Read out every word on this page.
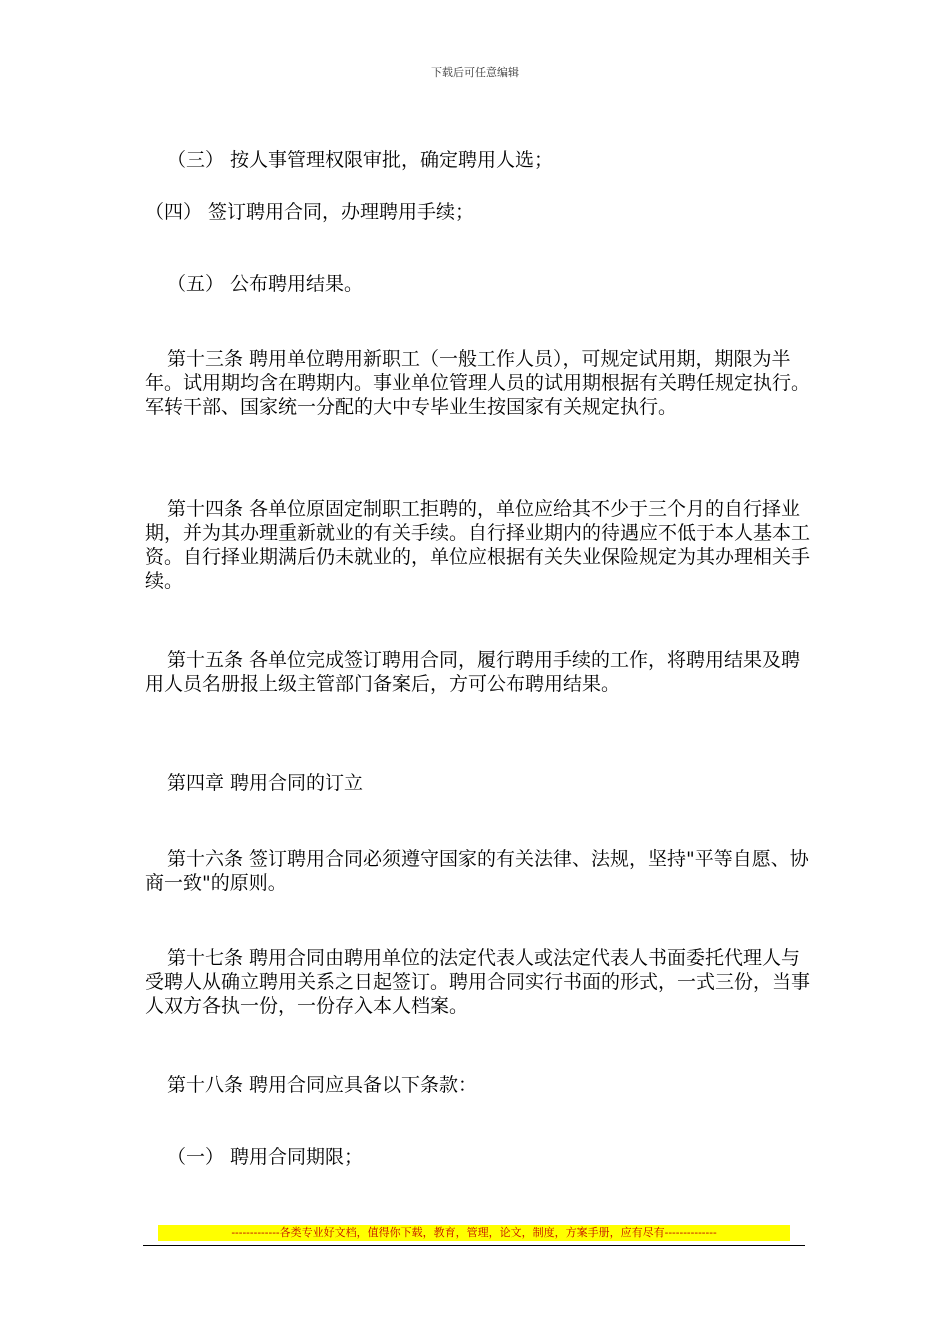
下载后可任意编辑

（三） 按人事管理权限审批，确定聘用人选；

（四） 签订聘用合同，办理聘用手续；

（五） 公布聘用结果。

第十三条 聘用单位聘用新职工（一般工作人员），可规定试用期，期限为半年。试用期均含在聘期内。事业单位管理人员的试用期根据有关聘任规定执行。军转干部、国家统一分配的大中专毕业生按国家有关规定执行。

第十四条 各单位原固定制职工拒聘的，单位应给其不少于三个月的自行择业期，并为其办理重新就业的有关手续。自行择业期内的待遇应不低于本人基本工资。自行择业期满后仍未就业的，单位应根据有关失业保险规定为其办理相关手续。

第十五条 各单位完成签订聘用合同，履行聘用手续的工作，将聘用结果及聘用人员名册报上级主管部门备案后，方可公布聘用结果。

第四章 聘用合同的订立

第十六条 签订聘用合同必须遵守国家的有关法律、法规，坚持"平等自愿、协商一致"的原则。

第十七条 聘用合同由聘用单位的法定代表人或法定代表人书面委托代理人与受聘人从确立聘用关系之日起签订。聘用合同实行书面的形式，一式三份，当事人双方各执一份，一份存入本人档案。

第十八条 聘用合同应具备以下条款：

（一） 聘用合同期限；

-------------各类专业好文档，值得你下载，教育，管理，论文，制度，方案手册，应有尽有--------------
